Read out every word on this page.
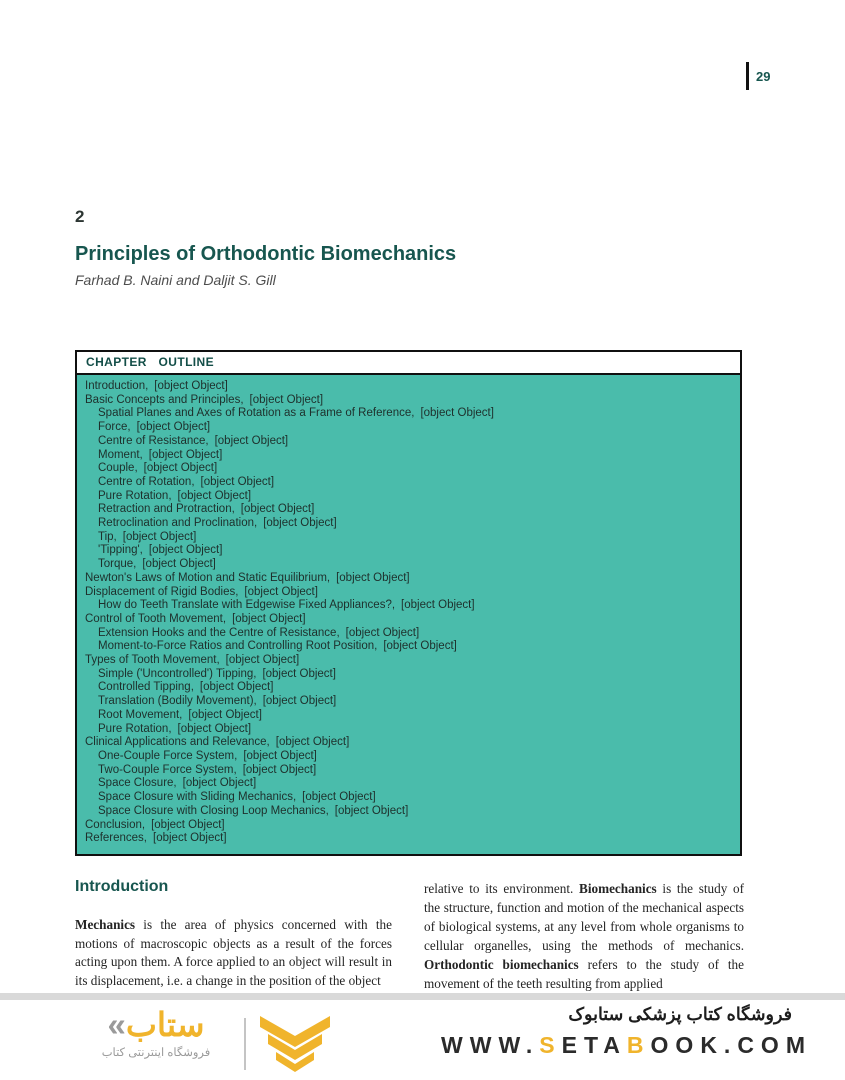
29
2
Principles of Orthodontic Biomechanics
Farhad B. Naini and Daljit S. Gill
CHAPTER OUTLINE
Introduction, [object Object]
Basic Concepts and Principles, [object Object]
Spatial Planes and Axes of Rotation as a Frame of Reference, [object Object]
Force, [object Object]
Centre of Resistance, [object Object]
Moment, [object Object]
Couple, [object Object]
Centre of Rotation, [object Object]
Pure Rotation, [object Object]
Retraction and Protraction, [object Object]
Retroclination and Proclination, [object Object]
Tip, [object Object]
'Tipping', [object Object]
Torque, [object Object]
Newton's Laws of Motion and Static Equilibrium, [object Object]
Displacement of Rigid Bodies, [object Object]
How do Teeth Translate with Edgewise Fixed Appliances?, [object Object]
Control of Tooth Movement, [object Object]
Extension Hooks and the Centre of Resistance, [object Object]
Moment-to-Force Ratios and Controlling Root Position, [object Object]
Types of Tooth Movement, [object Object]
Simple ('Uncontrolled') Tipping, [object Object]
Controlled Tipping, [object Object]
Translation (Bodily Movement), [object Object]
Root Movement, [object Object]
Pure Rotation, [object Object]
Clinical Applications and Relevance, [object Object]
One-Couple Force System, [object Object]
Two-Couple Force System, [object Object]
Space Closure, [object Object]
Space Closure with Sliding Mechanics, [object Object]
Space Closure with Closing Loop Mechanics, [object Object]
Conclusion, [object Object]
References, [object Object]
Introduction
Mechanics is the area of physics concerned with the motions of macroscopic objects as a result of the forces acting upon them. A force applied to an object will result in its displacement, i.e. a change in the position of the object
relative to its environment. Biomechanics is the study of the structure, function and motion of the mechanical aspects of biological systems, at any level from whole organisms to cellular organelles, using the methods of mechanics. Orthodontic biomechanics refers to the study of the movement of the teeth resulting from applied
«ستاب
فروشگاه اینترنتی کتاب
فروشگاه کتاب پزشکی ستابوک
WWW.SETABOOK.COM
